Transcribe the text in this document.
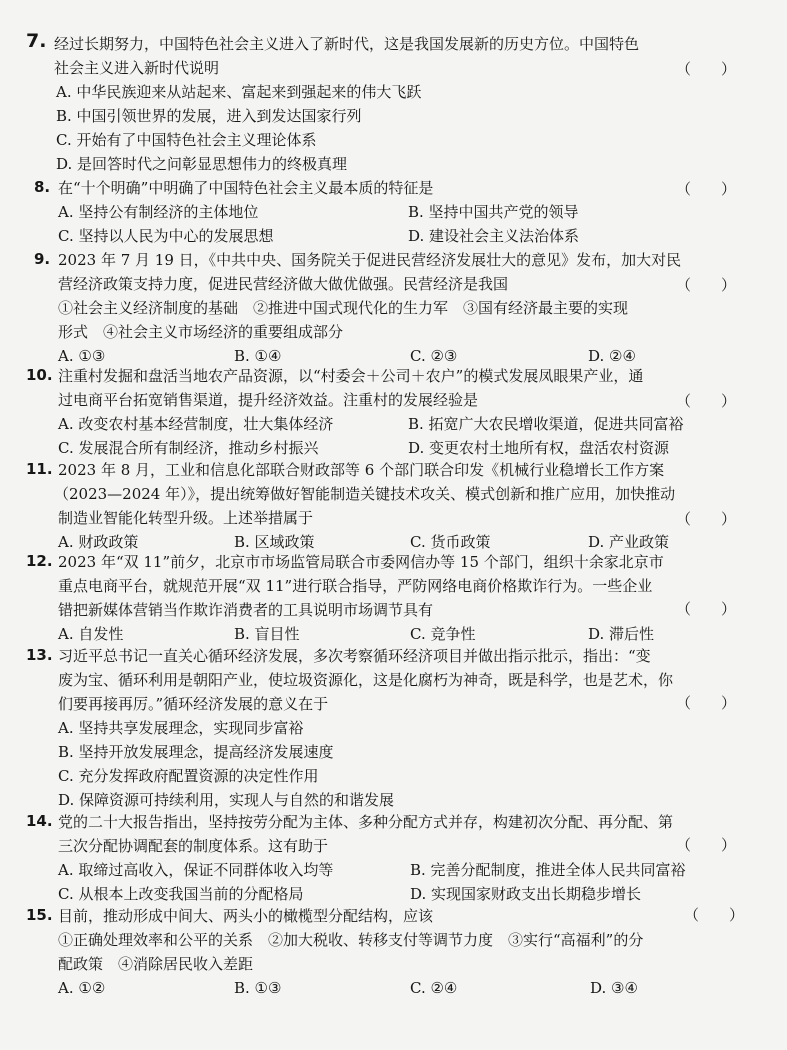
7. 经过长期努力，中国特色社会主义进入了新时代，这是我国发展新的历史方位。中国特色
社会主义进入新时代说明	（　　）
A. 中华民族迎来从站起来、富起来到强起来的伟大飞跃
B. 中国引领世界的发展，进入到发达国家行列
C. 开始有了中国特色社会主义理论体系
D. 是回答时代之问彰显思想伟力的终极真理
8. 在“十个明确”中明确了中国特色社会主义最本质的特征是	（　　）
A. 坚持公有制经济的主体地位	B. 坚持中国共产党的领导
C. 坚持以人民为中心的发展思想	D. 建设社会主义法治体系
9. 2023 年 7 月 19 日，《中共中央、国务院关于促进民营经济发展壮大的意见》发布，加大对民
营经济政策支持力度，促进民营经济做大做优做强。民营经济是我国	（　　）
①社会主义经济制度的基础　②推进中国式现代化的生力军　③国有经济最主要的实现
形式　④社会主义市场经济的重要组成部分
A. ①③	B. ①④	C. ②③	D. ②④
10. 注重村发掘和盘活当地农产品资源，以“村委会＋公司＋农户”的模式发展凤眼果产业，通
过电商平台拓宽销售渠道，提升经济效益。注重村的发展经验是	（　　）
A. 改变农村基本经营制度，壮大集体经济	B. 拓宽广大农民增收渠道，促进共同富裕
C. 发展混合所有制经济，推动乡村振兴	D. 变更农村土地所有权，盘活农村资源
11. 2023 年 8 月，工业和信息化部联合财政部等 6 个部门联合印发《机械行业稳增长工作方案
（2023—2024 年）》，提出统筹做好智能制造关键技术攻关、模式创新和推广应用，加快推动
制造业智能化转型升级。上述举措属于	（　　）
A. 财政政策	B. 区域政策	C. 货币政策	D. 产业政策
12. 2023 年“双 11”前夕，北京市市场监管局联合市委网信办等 15 个部门，组织十余家北京市
重点电商平台，就规范开展“双 11”进行联合指导，严防网络电商价格欺诈行为。一些企业
错把新媒体营销当作欺诈消费者的工具说明市场调节具有	（　　）
A. 自发性	B. 盲目性	C. 竞争性	D. 滞后性
13. 习近平总书记一直关心循环经济发展，多次考察循环经济项目并做出指示批示，指出：“变
废为宝、循环利用是朝阳产业，使垃圾资源化，这是化腐朽为神奇，既是科学，也是艺术，你
们要再接再厉。”循环经济发展的意义在于	（　　）
A. 坚持共享发展理念，实现同步富裕
B. 坚持开放发展理念，提高经济发展速度
C. 充分发挥政府配置资源的决定性作用
D. 保障资源可持续利用，实现人与自然的和谐发展
14. 党的二十大报告指出，坚持按劳分配为主体、多种分配方式并存，构建初次分配、再分配、第
三次分配协调配套的制度体系。这有助于	（　　）
A. 取缔过高收入，保证不同群体收入均等	B. 完善分配制度，推进全体人民共同富裕
C. 从根本上改变我国当前的分配格局	D. 实现国家财政支出长期稳步增长
15. 目前，推动形成中间大、两头小的橄榄型分配结构，应该	（　　）
①正确处理效率和公平的关系　②加大税收、转移支付等调节力度　③实行“高福利”的分
配政策　④消除居民收入差距
A. ①②	B. ①③	C. ②④	D. ③④
